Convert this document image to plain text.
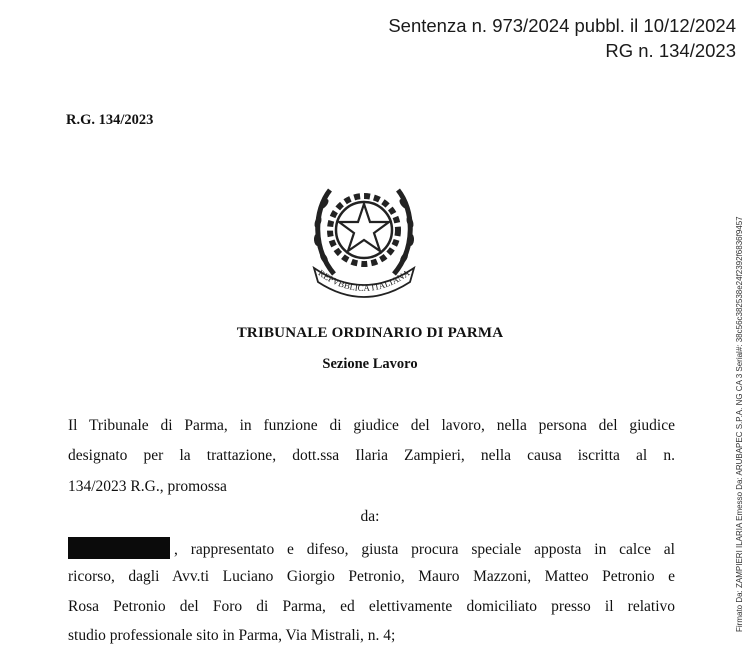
Sentenza n. 973/2024 pubbl. il 10/12/2024
RG n. 134/2023
R.G. 134/2023
REPVBBLICA ITALIANA
TRIBUNALE ORDINARIO DI PARMA
Sezione Lavoro
Il Tribunale di Parma, in funzione di giudice del lavoro, nella persona del giudice
designato per la trattazione, dott.ssa Ilaria Zampieri, nella causa iscritta al n.
134/2023 R.G., promossa
da:
, rappresentato e difeso, giusta procura speciale apposta in calce al
ricorso, dagli Avv.ti Luciano Giorgio Petronio, Mauro Mazzoni, Matteo Petronio e
Rosa Petronio del Foro di Parma, ed elettivamente domiciliato presso il relativo
studio professionale sito in Parma, Via Mistrali, n. 4;
Firmato Da: ZAMPIERI ILARIA Emesso Da: ARUBAPEC S.P.A. NG CA 3 Serial#: 38c56c382538e24f2392f6836f9457
